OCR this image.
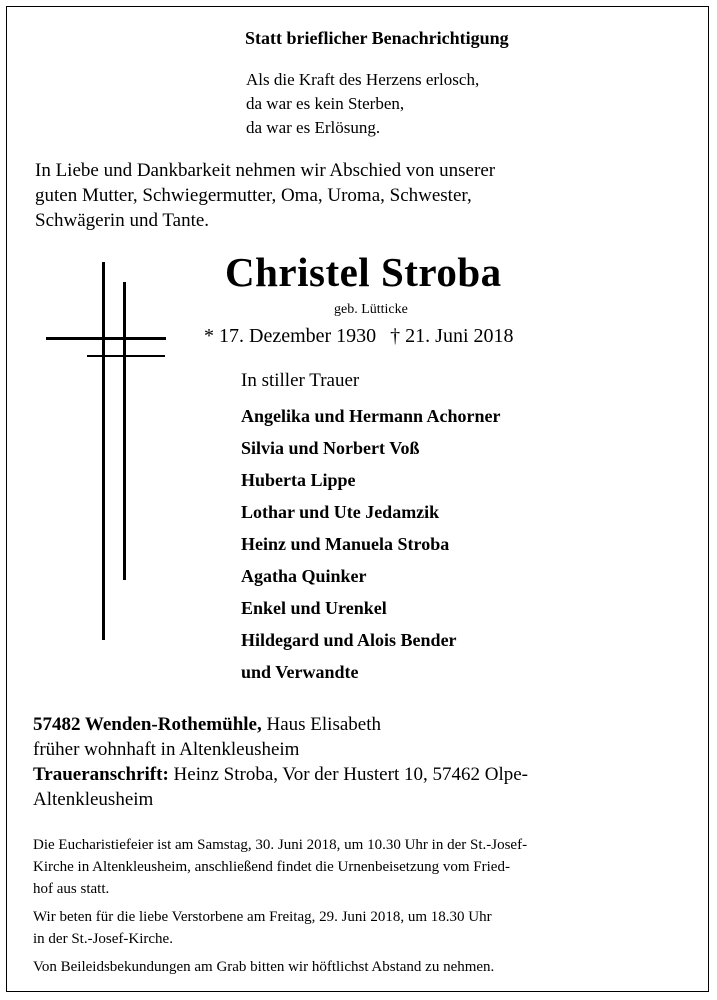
Statt brieflicher Benachrichtigung
Als die Kraft des Herzens erlosch,
da war es kein Sterben,
da war es Erlösung.
In Liebe und Dankbarkeit nehmen wir Abschied von unserer
guten Mutter, Schwiegermutter, Oma, Uroma, Schwester,
Schwägerin und Tante.
Christel Stroba
geb. Lütticke
* 17. Dezember 1930 † 21. Juni 2018
In stiller Trauer
Angelika und Hermann Achorner
Silvia und Norbert Voß
Huberta Lippe
Lothar und Ute Jedamzik
Heinz und Manuela Stroba
Agatha Quinker
Enkel und Urenkel
Hildegard und Alois Bender
und Verwandte
57482 Wenden-Rothemühle, Haus Elisabeth
früher wohnhaft in Altenkleusheim
Traueranschrift: Heinz Stroba, Vor der Hustert 10, 57462 Olpe-
Altenkleusheim
Die Eucharistiefeier ist am Samstag, 30. Juni 2018, um 10.30 Uhr in der St.-Josef-
Kirche in Altenkleusheim, anschließend findet die Urnenbeisetzung vom Fried-
hof aus statt.
Wir beten für die liebe Verstorbene am Freitag, 29. Juni 2018, um 18.30 Uhr
in der St.-Josef-Kirche.
Von Beileidsbekundungen am Grab bitten wir höftlichst Abstand zu nehmen.
